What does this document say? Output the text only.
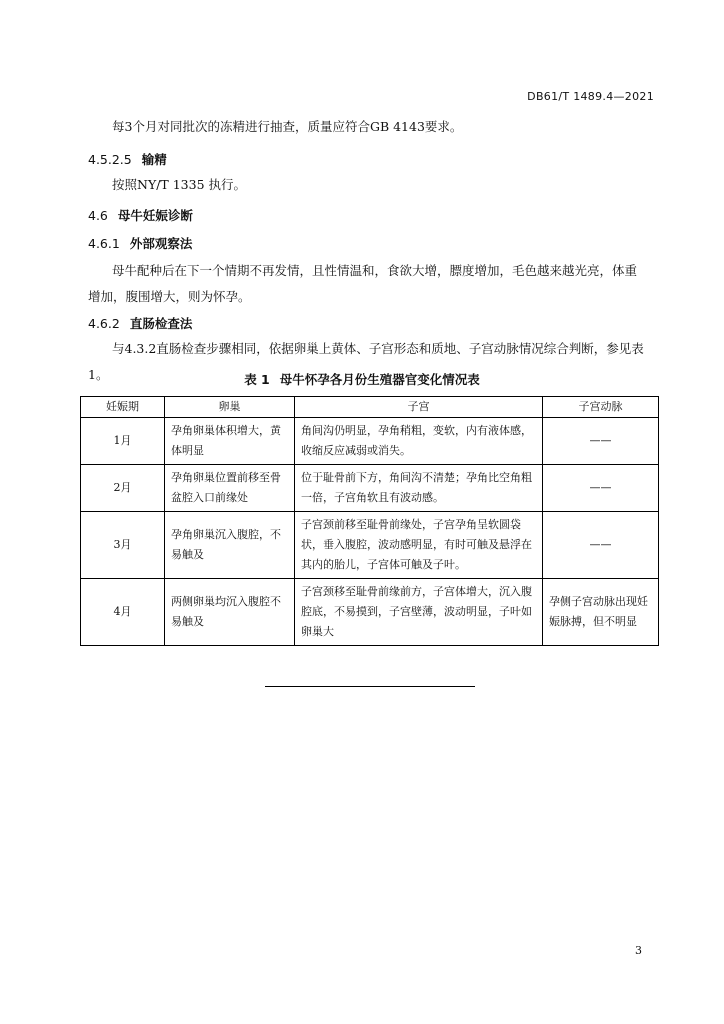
DB61/T 1489.4—2021
每3个月对同批次的冻精进行抽查，质量应符合GB 4143要求。
4.5.2.5 输精
按照NY/T 1335 执行。
4.6 母牛妊娠诊断
4.6.1 外部观察法
母牛配种后在下一个情期不再发情，且性情温和，食欲大增，膘度增加，毛色越来越光亮，体重增加，腹围增大，则为怀孕。
4.6.2 直肠检查法
与4.3.2直肠检查步骤相同，依据卵巢上黄体、子宫形态和质地、子宫动脉情况综合判断，参见表1。	表 1 母牛怀孕各月份生殖器官变化情况表
妊娠期	卵巢	子宫	子宫动脉
1月	孕角卵巢体积增大，黄体明显	角间沟仍明显，孕角稍粗，变软，内有液体感，收缩反应减弱或消失。	——
2月	孕角卵巢位置前移至骨盆腔入口前缘处	位于耻骨前下方，角间沟不清楚；孕角比空角粗一倍，子宫角软且有波动感。	——
3月	孕角卵巢沉入腹腔，不易触及	子宫颈前移至耻骨前缘处，子宫孕角呈软圆袋状，垂入腹腔，波动感明显，有时可触及悬浮在其内的胎儿，子宫体可触及子叶。	——
4月	两侧卵巢均沉入腹腔不易触及	子宫颈移至耻骨前缘前方，子宫体增大，沉入腹腔底，不易摸到，子宫壁薄，波动明显，子叶如卵巢大	孕侧子宫动脉出现妊娠脉搏，但不明显
3
